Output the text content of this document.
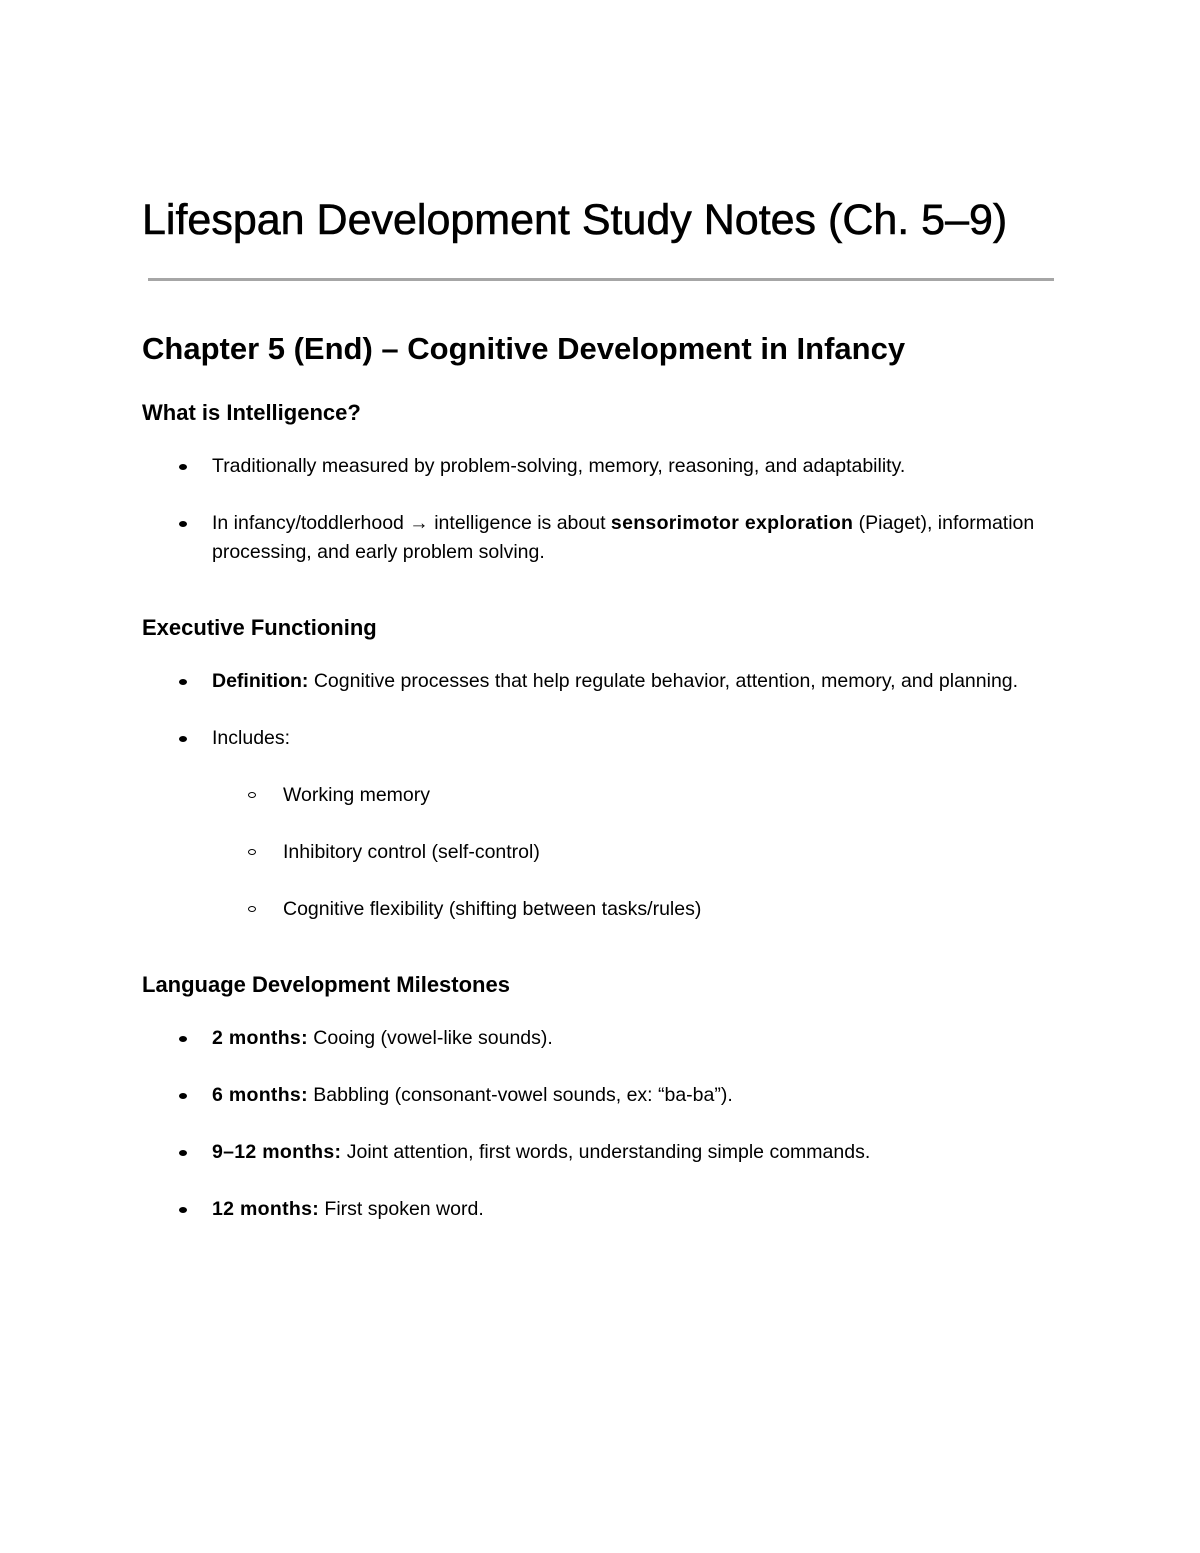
Lifespan Development Study Notes (Ch. 5–9)
Chapter 5 (End) – Cognitive Development in Infancy
What is Intelligence?
Traditionally measured by problem-solving, memory, reasoning, and adaptability.
In infancy/toddlerhood → intelligence is about sensorimotor exploration (Piaget), information processing, and early problem solving.
Executive Functioning
Definition: Cognitive processes that help regulate behavior, attention, memory, and planning.
Includes:
Working memory
Inhibitory control (self-control)
Cognitive flexibility (shifting between tasks/rules)
Language Development Milestones
2 months: Cooing (vowel-like sounds).
6 months: Babbling (consonant-vowel sounds, ex: “ba-ba”).
9–12 months: Joint attention, first words, understanding simple commands.
12 months: First spoken word.
